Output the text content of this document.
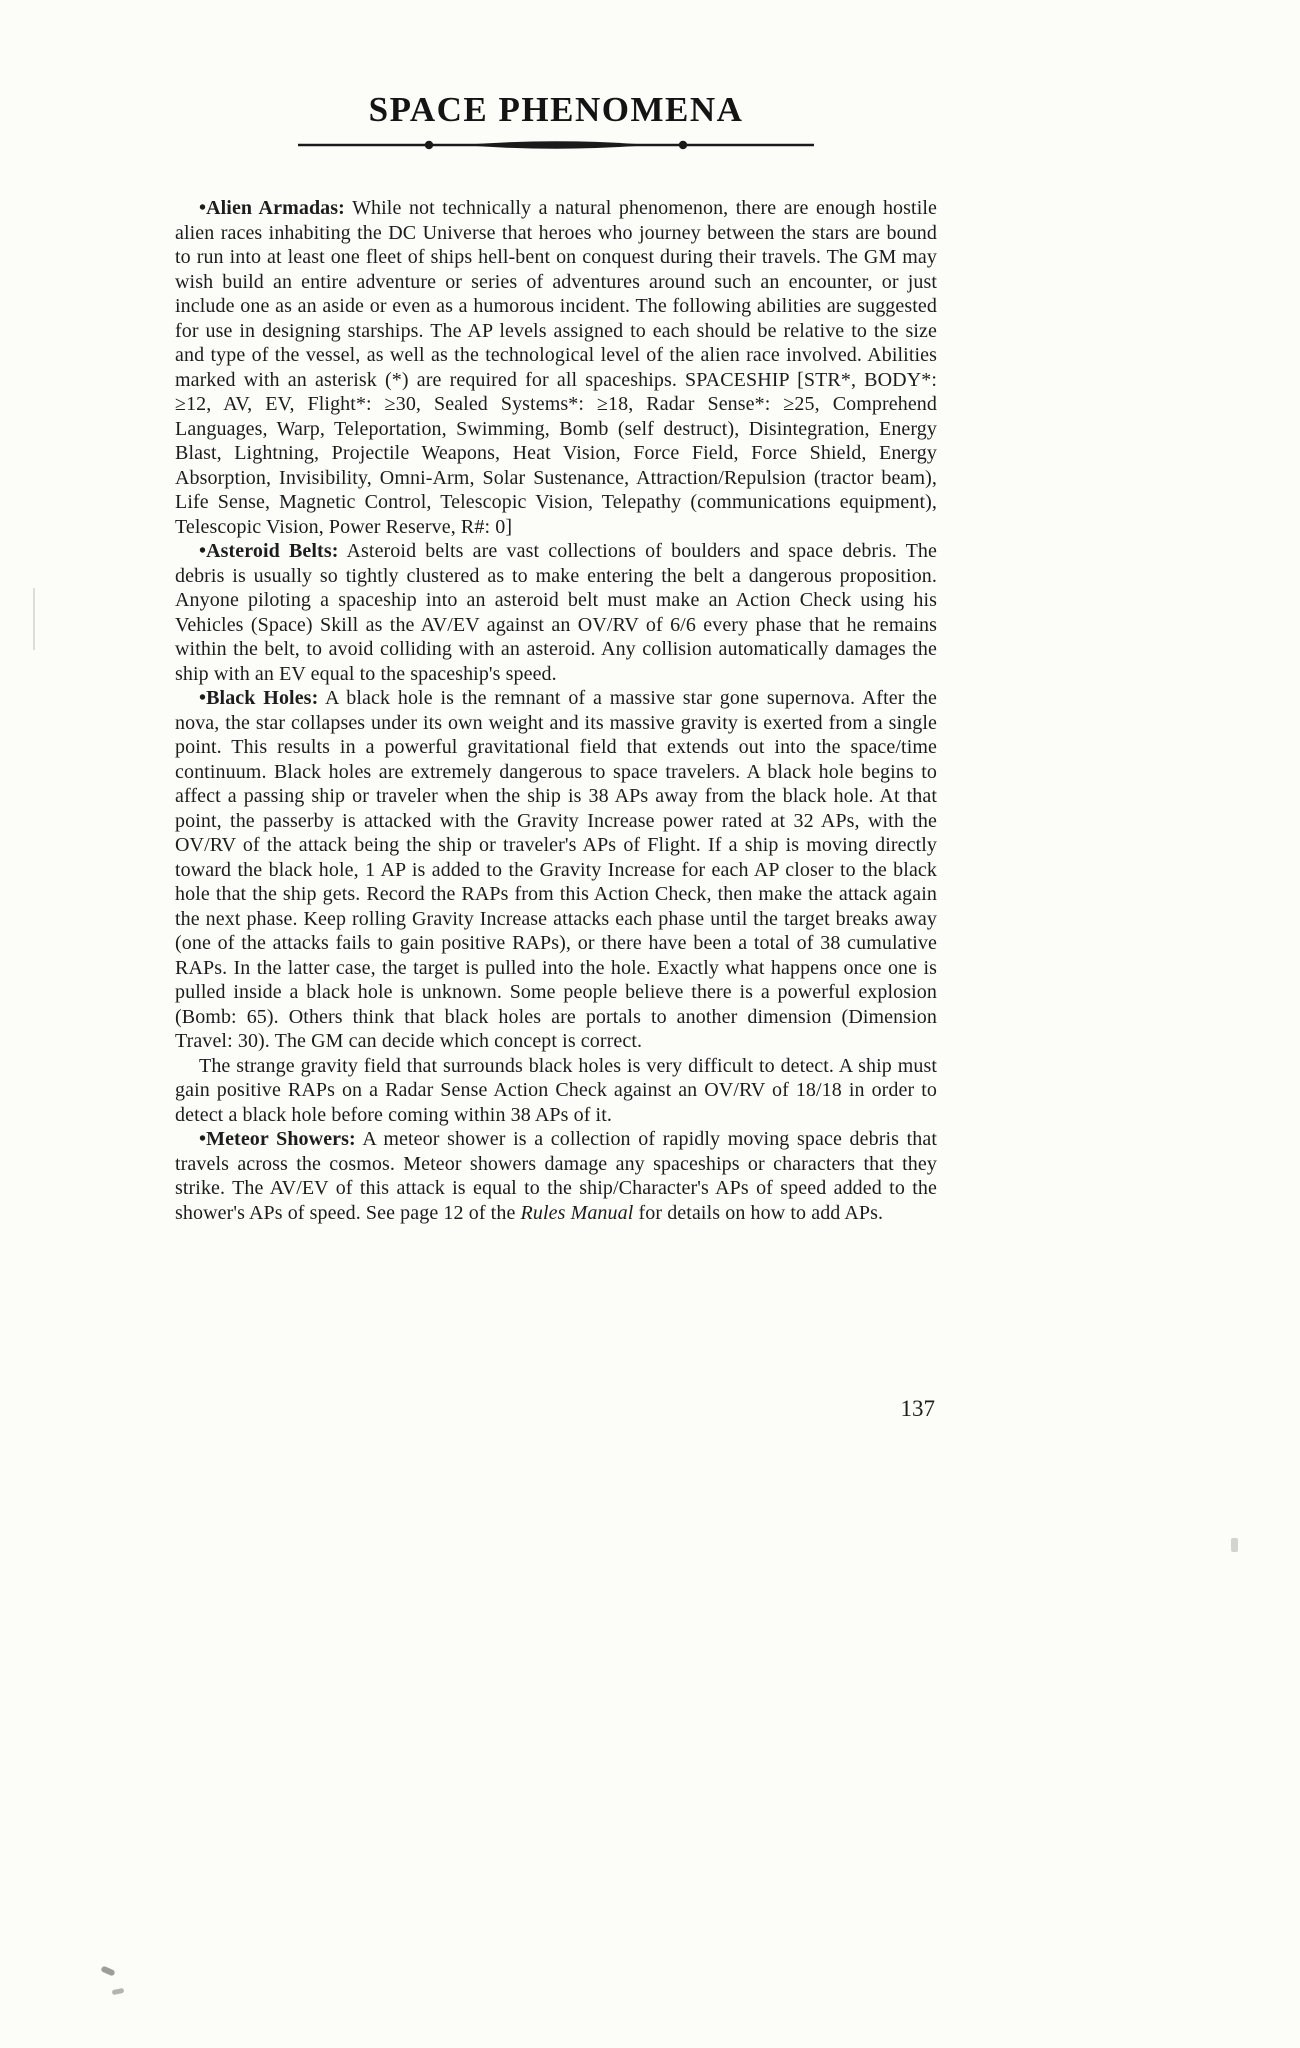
SPACE PHENOMENA

•Alien Armadas: While not technically a natural phenomenon, there are enough hostile alien races inhabiting the DC Universe that heroes who journey between the stars are bound to run into at least one fleet of ships hell-bent on conquest during their travels. The GM may wish build an entire adventure or series of adventures around such an encounter, or just include one as an aside or even as a humorous incident. The following abilities are suggested for use in designing starships. The AP levels assigned to each should be relative to the size and type of the vessel, as well as the technological level of the alien race involved. Abilities marked with an asterisk (*) are required for all spaceships. SPACESHIP [STR*, BODY*: ≥12, AV, EV, Flight*: ≥30, Sealed Systems*: ≥18, Radar Sense*: ≥25, Comprehend Languages, Warp, Teleportation, Swimming, Bomb (self destruct), Disintegration, Energy Blast, Lightning, Projectile Weapons, Heat Vision, Force Field, Force Shield, Energy Absorption, Invisibility, Omni-Arm, Solar Sustenance, Attraction/Repulsion (tractor beam), Life Sense, Magnetic Control, Telescopic Vision, Telepathy (communications equipment), Telescopic Vision, Power Reserve, R#: 0]

•Asteroid Belts: Asteroid belts are vast collections of boulders and space debris. The debris is usually so tightly clustered as to make entering the belt a dangerous proposition. Anyone piloting a spaceship into an asteroid belt must make an Action Check using his Vehicles (Space) Skill as the AV/EV against an OV/RV of 6/6 every phase that he remains within the belt, to avoid colliding with an asteroid. Any collision automatically damages the ship with an EV equal to the spaceship's speed.

•Black Holes: A black hole is the remnant of a massive star gone supernova. After the nova, the star collapses under its own weight and its massive gravity is exerted from a single point. This results in a powerful gravitational field that extends out into the space/time continuum. Black holes are extremely dangerous to space travelers. A black hole begins to affect a passing ship or traveler when the ship is 38 APs away from the black hole. At that point, the passerby is attacked with the Gravity Increase power rated at 32 APs, with the OV/RV of the attack being the ship or traveler's APs of Flight. If a ship is moving directly toward the black hole, 1 AP is added to the Gravity Increase for each AP closer to the black hole that the ship gets. Record the RAPs from this Action Check, then make the attack again the next phase. Keep rolling Gravity Increase attacks each phase until the target breaks away (one of the attacks fails to gain positive RAPs), or there have been a total of 38 cumulative RAPs. In the latter case, the target is pulled into the hole. Exactly what happens once one is pulled inside a black hole is unknown. Some people believe there is a powerful explosion (Bomb: 65). Others think that black holes are portals to another dimension (Dimension Travel: 30). The GM can decide which concept is correct.

The strange gravity field that surrounds black holes is very difficult to detect. A ship must gain positive RAPs on a Radar Sense Action Check against an OV/RV of 18/18 in order to detect a black hole before coming within 38 APs of it.

•Meteor Showers: A meteor shower is a collection of rapidly moving space debris that travels across the cosmos. Meteor showers damage any spaceships or characters that they strike. The AV/EV of this attack is equal to the ship/Character's APs of speed added to the shower's APs of speed. See page 12 of the Rules Manual for details on how to add APs.

137
